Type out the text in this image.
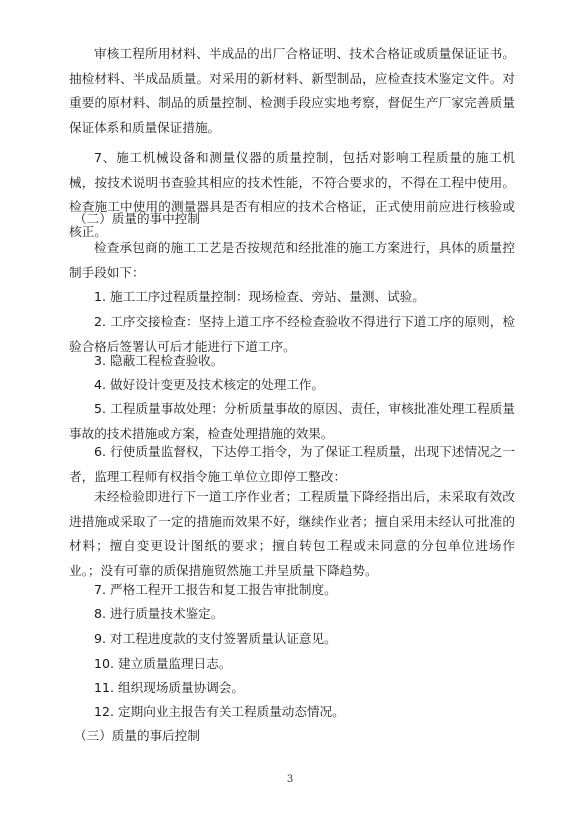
审核工程所用材料、半成品的出厂合格证明、技术合格证或质量保证证书。抽检材料、半成品质量。对采用的新材料、新型制品，应检查技术鉴定文件。对重要的原材料、制品的质量控制、检测手段应实地考察，督促生产厂家完善质量保证体系和质量保证措施。

7、施工机械设备和测量仪器的质量控制，包括对影响工程质量的施工机械，按技术说明书查验其相应的技术性能，不符合要求的，不得在工程中使用。检查施工中使用的测量器具是否有相应的技术合格证，正式使用前应进行核验或核正。

（二）质量的事中控制

检查承包商的施工工艺是否按规范和经批准的施工方案进行，具体的质量控制手段如下：

1. 施工工序过程质量控制：现场检查、旁站、量测、试验。

2. 工序交接检查：坚持上道工序不经检查验收不得进行下道工序的原则，检验合格后签署认可后才能进行下道工序。

3. 隐蔽工程检查验收。

4. 做好设计变更及技术核定的处理工作。

5. 工程质量事故处理：分析质量事故的原因、责任，审核批准处理工程质量事故的技术措施或方案，检查处理措施的效果。

6. 行使质量监督权，下达停工指令，为了保证工程质量，出现下述情况之一者，监理工程师有权指令施工单位立即停工整改：

未经检验即进行下一道工序作业者；工程质量下降经指出后，未采取有效改进措施或采取了一定的措施而效果不好，继续作业者；擅自采用未经认可批准的材料；擅自变更设计图纸的要求；擅自转包工程或未同意的分包单位进场作业。；没有可靠的质保措施贸然施工并呈质量下降趋势。

7. 严格工程开工报告和复工报告审批制度。

8. 进行质量技术鉴定。

9. 对工程进度款的支付签署质量认证意见。

10. 建立质量监理日志。

11. 组织现场质量协调会。

12. 定期向业主报告有关工程质量动态情况。

（三）质量的事后控制

3
